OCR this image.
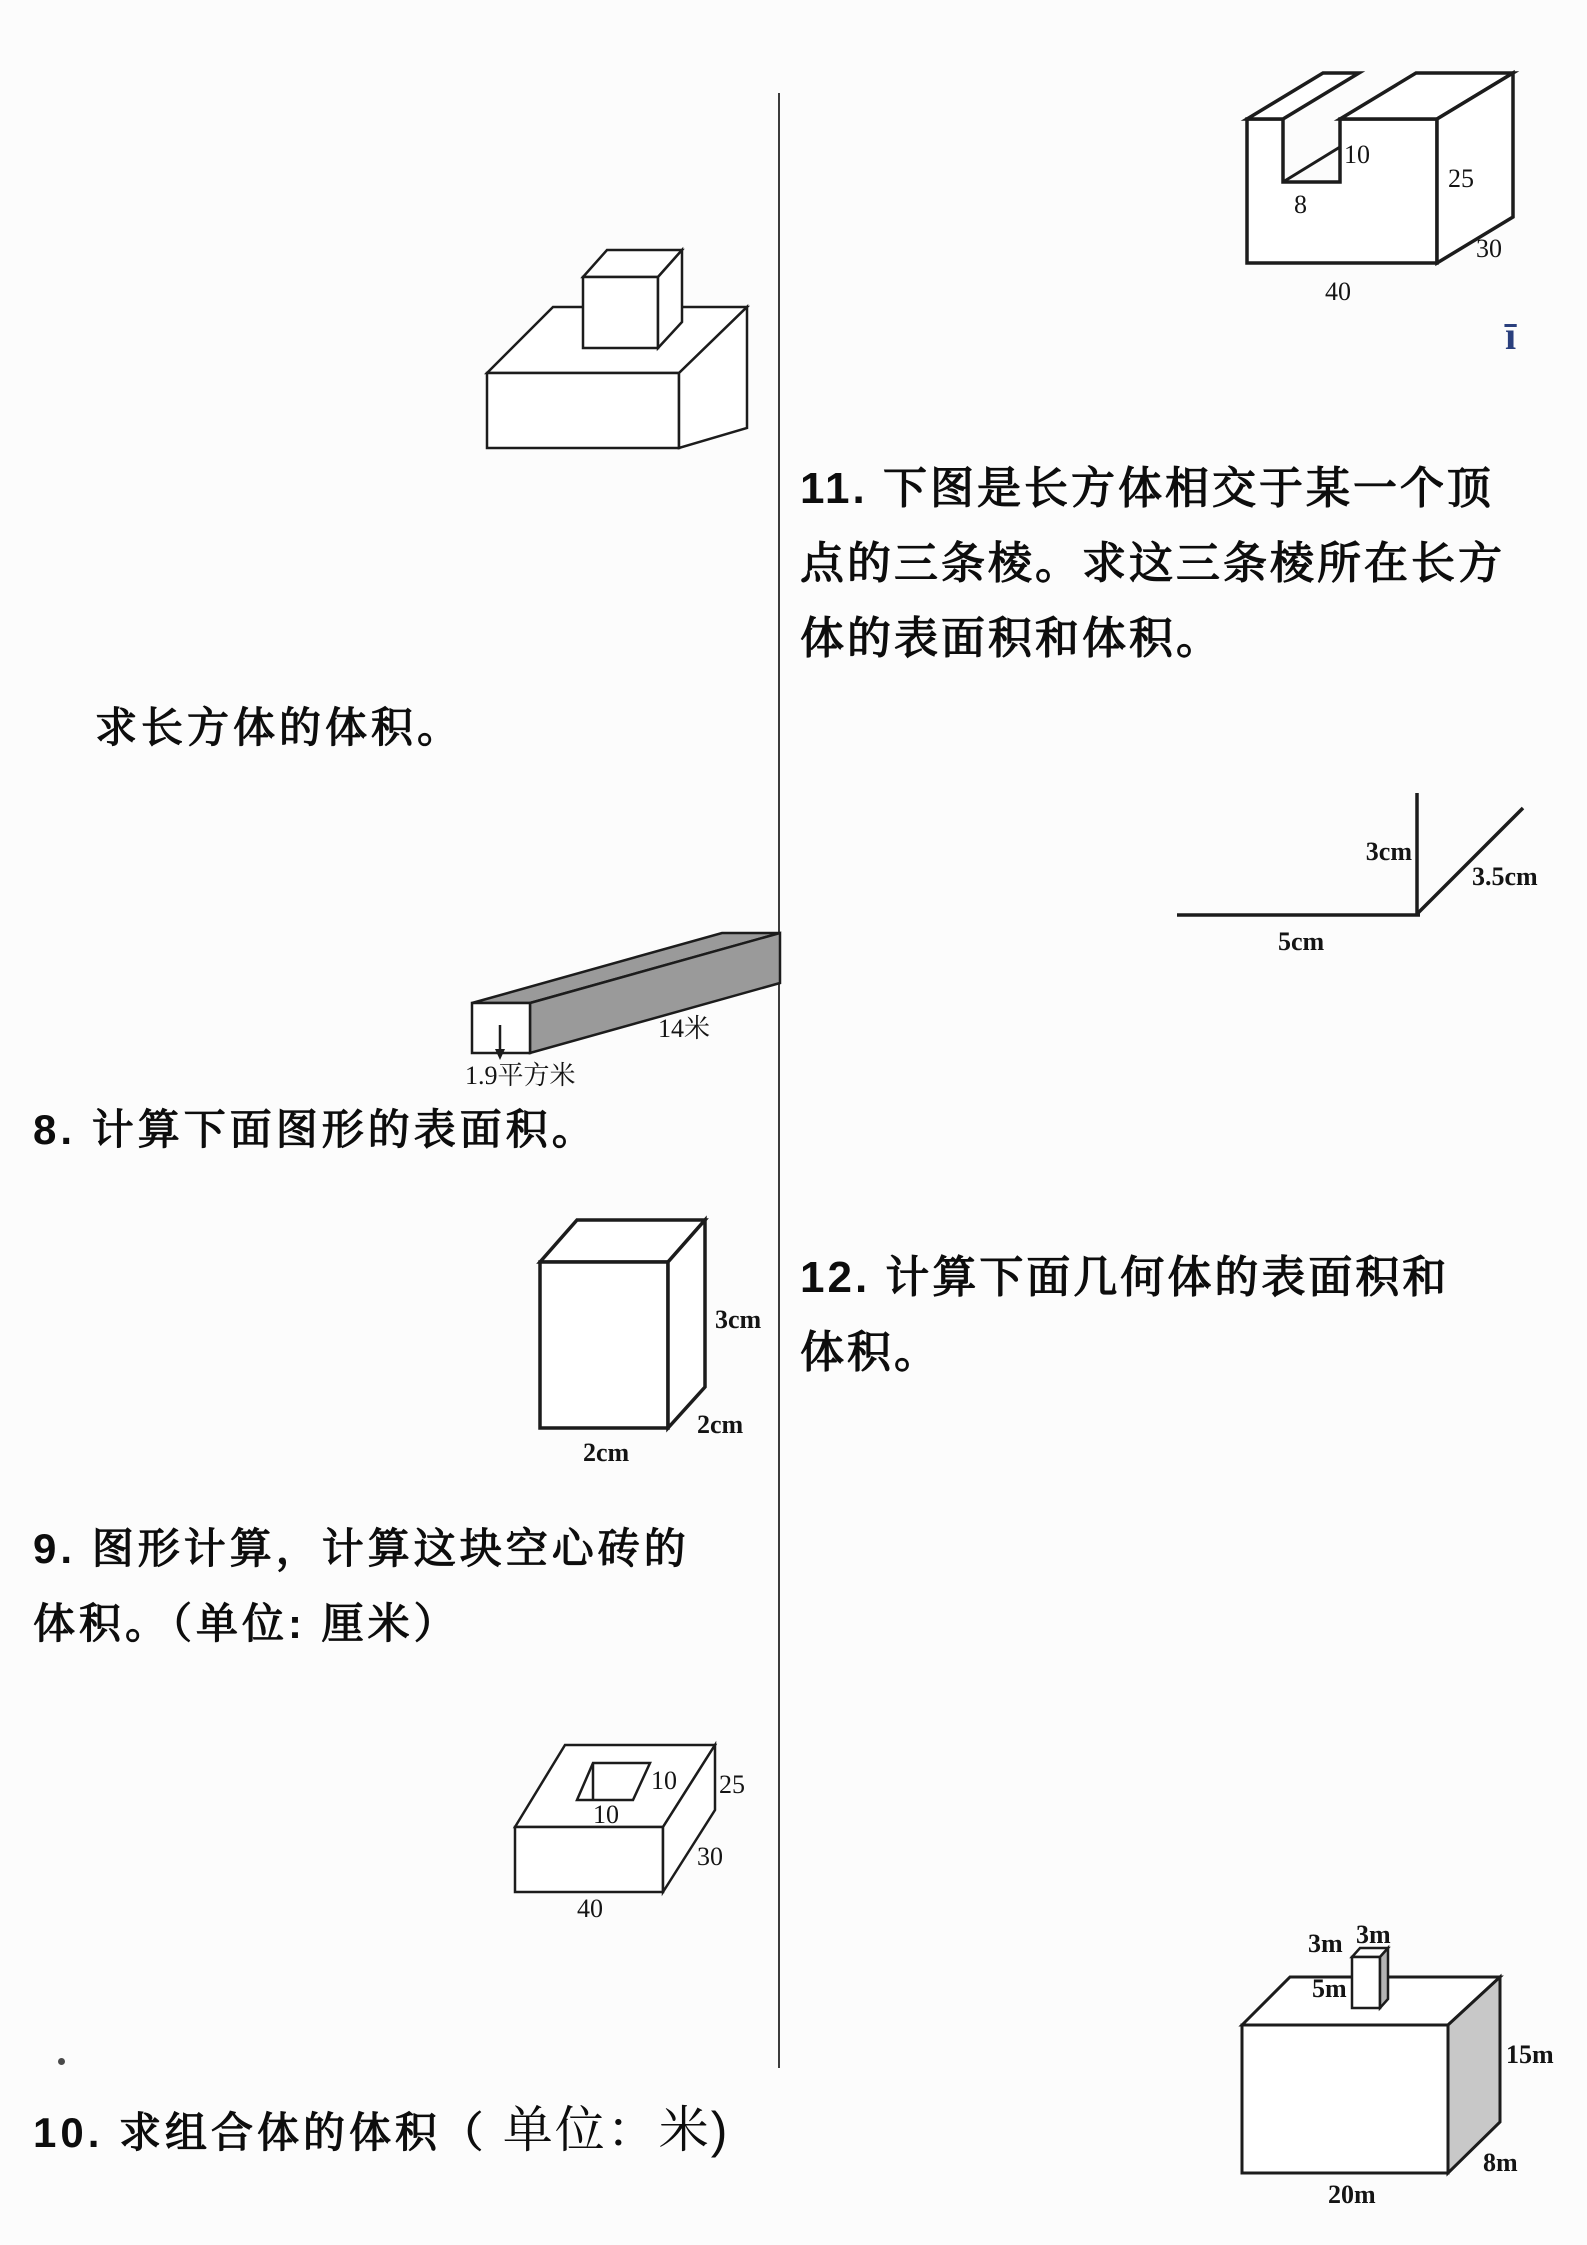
求长方体的体积。
14米
1.9平方米
8. 计算下面图形的表面积。
3cm
2cm
2cm
9. 图形计算，计算这块空心砖的
体积。（单位: 厘米）
10
10
25
30
40
10. 求组合体的体积（ 单位：米)
10
8
25
30
40
ī
11. 下图是长方体相交于某一个顶
点的三条棱。求这三条棱所在长方
体的表面积和体积。
3cm
3.5cm
5cm
12. 计算下面几何体的表面积和
体积。
3m 3m
5m
15m
8m
20m
